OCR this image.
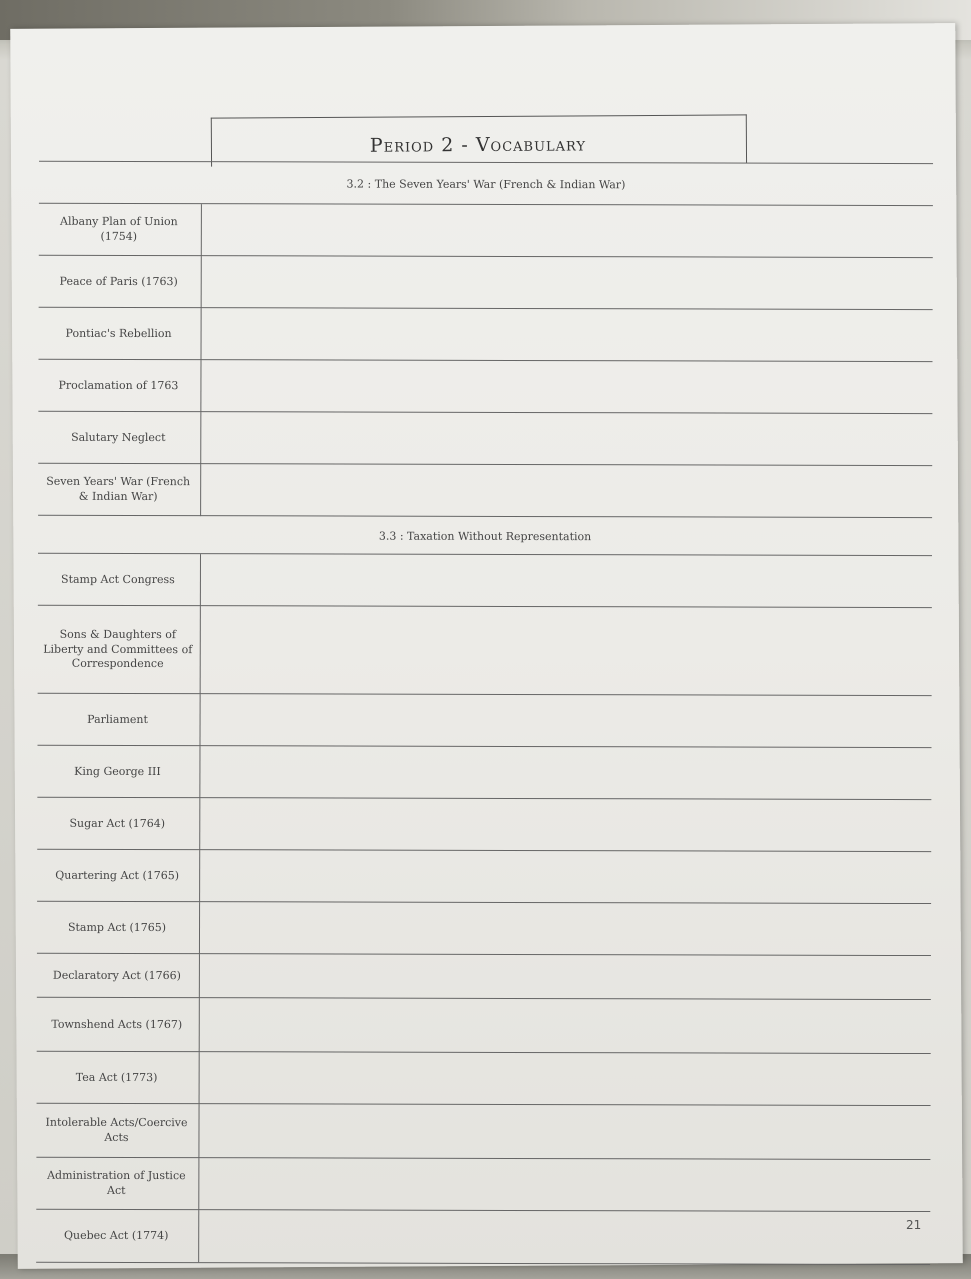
Period 2 - Vocabulary
3.2 : The Seven Years' War (French & Indian War)
Albany Plan of Union (1754)
Peace of Paris (1763)
Pontiac's Rebellion
Proclamation of 1763
Salutary Neglect
Seven Years' War (French & Indian War)
3.3 : Taxation Without Representation
Stamp Act Congress
Sons & Daughters of Liberty and Committees of Correspondence
Parliament
King George III
Sugar Act (1764)
Quartering Act (1765)
Stamp Act (1765)
Declaratory Act (1766)
Townshend Acts (1767)
Tea Act (1773)
Intolerable Acts/Coercive Acts
Administration of Justice Act
Quebec Act (1774)
21
